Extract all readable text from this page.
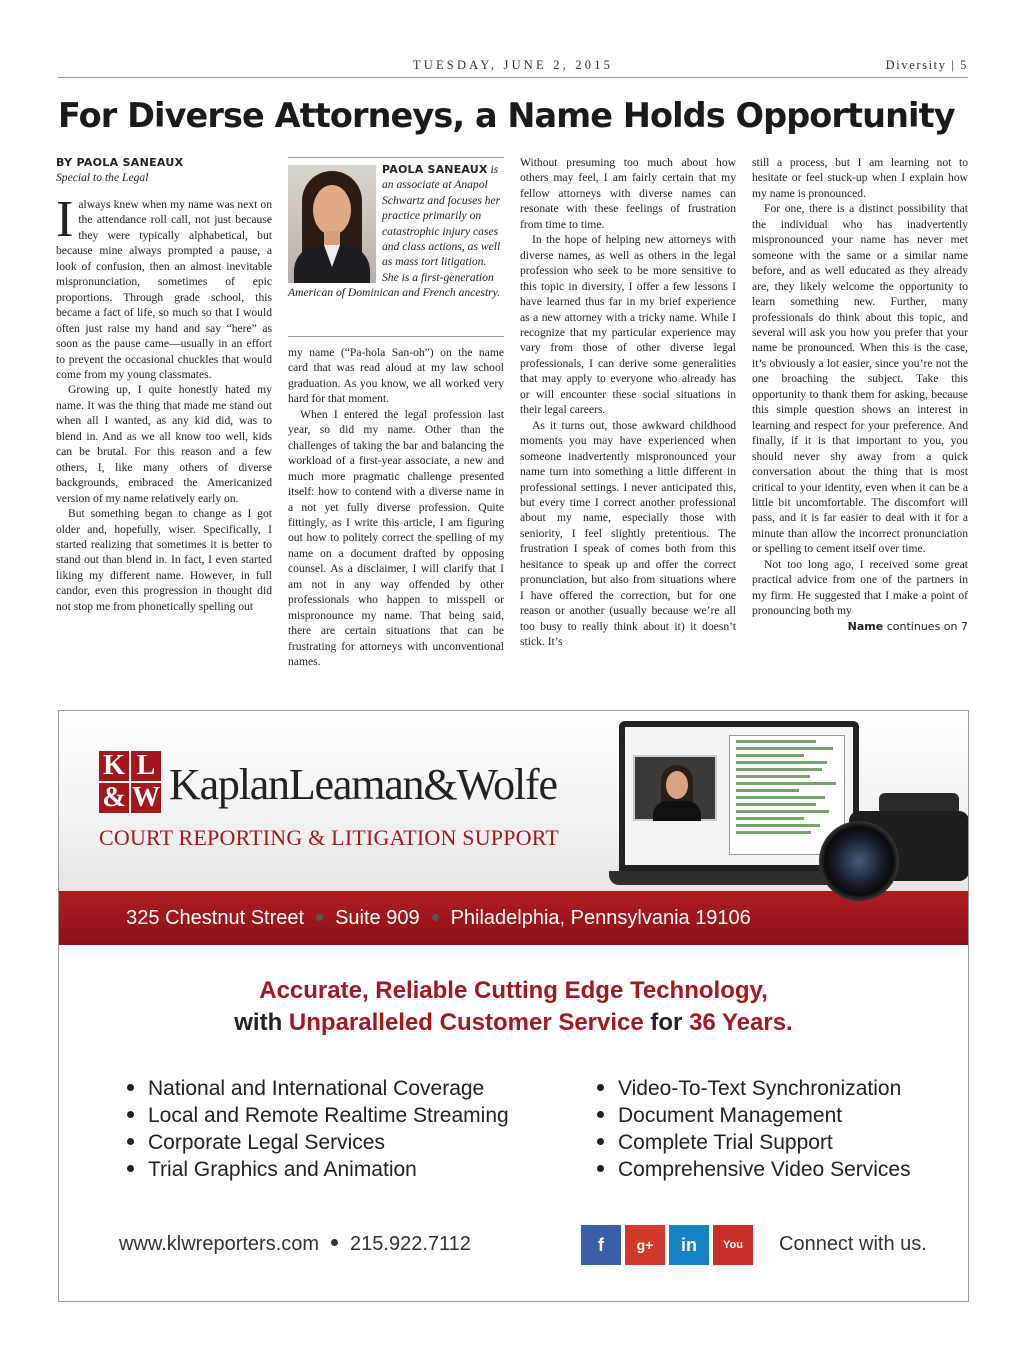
TUESDAY, JUNE 2, 2015	Diversity | 5
For Diverse Attorneys, a Name Holds Opportunity
BY PAOLA SANEAUX
Special to the Legal

Ialways knew when my name was next on the attendance roll call, not just because they were typically alphabetical, but because mine always prompted a pause, a look of confusion, then an almost inevitable mispronunciation, sometimes of epic proportions. Through grade school, this became a fact of life, so much so that I would often just raise my hand and say “here” as soon as the pause came—usually in an effort to prevent the occasional chuckles that would come from my young classmates.

Growing up, I quite honestly hated my name. It was the thing that made me stand out when all I wanted, as any kid did, was to blend in. And as we all know too well, kids can be brutal. For this reason and a few others, I, like many others of diverse backgrounds, embraced the Americanized version of my name relatively early on.

But something began to change as I got older and, hopefully, wiser. Specifically, I started realizing that sometimes it is better to stand out than blend in. In fact, I even started liking my different name. However, in full candor, even this progression in thought did not stop me from phonetically spelling out

PAOLA SANEAUX is an associate at Anapol Schwartz and focuses her practice primarily on catastrophic injury cases and class actions, as well as mass tort litigation. She is a first-generation American of Dominican and French ancestry.

my name (“Pa-hola San-oh”) on the name card that was read aloud at my law school graduation. As you know, we all worked very hard for that moment.

When I entered the legal profession last year, so did my name. Other than the challenges of taking the bar and balancing the workload of a first-year associate, a new and much more pragmatic challenge presented itself: how to contend with a diverse name in a not yet fully diverse profession. Quite fittingly, as I write this article, I am figuring out how to politely correct the spelling of my name on a document drafted by opposing counsel. As a disclaimer, I will clarify that I am not in any way offended by other professionals who happen to misspell or mispronounce my name. That being said, there are certain situations that can be frustrating for attorneys with unconventional names.

Without presuming too much about how others may feel, I am fairly certain that my fellow attorneys with diverse names can resonate with these feelings of frustration from time to time.

In the hope of helping new attorneys with diverse names, as well as others in the legal profession who seek to be more sensitive to this topic in diversity, I offer a few lessons I have learned thus far in my brief experience as a new attorney with a tricky name. While I recognize that my particular experience may vary from those of other diverse legal professionals, I can derive some generalities that may apply to everyone who already has or will encounter these social situations in their legal careers.

As it turns out, those awkward childhood moments you may have experienced when someone inadvertently mispronounced your name turn into something a little different in professional settings. I never anticipated this, but every time I correct another professional about my name, especially those with seniority, I feel slightly pretentious. The frustration I speak of comes both from this hesitance to speak up and offer the correct pronunciation, but also from situations where I have offered the correction, but for one reason or another (usually because we’re all too busy to really think about it) it doesn’t stick. It’s

still a process, but I am learning not to hesitate or feel stuck-up when I explain how my name is pronounced.

For one, there is a distinct possibility that the individual who has inadvertently mispronounced your name has never met someone with the same or a similar name before, and as well educated as they already are, they likely welcome the opportunity to learn something new. Further, many professionals do think about this topic, and several will ask you how you prefer that your name be pronounced. When this is the case, it’s obviously a lot easier, since you’re not the one broaching the subject. Take this opportunity to thank them for asking, because this simple question shows an interest in learning and respect for your preference. And finally, if it is that important to you, you should never shy away from a quick conversation about the thing that is most critical to your identity, even when it can be a little bit uncomfortable. The discomfort will pass, and it is far easier to deal with it for a minute than allow the incorrect pronunciation or spelling to cement itself over time.

Not too long ago, I received some great practical advice from one of the partners in my firm. He suggested that I make a point of pronouncing both my

Name continues on 7
K L
& W KaplanLeaman&Wolfe
COURT REPORTING & LITIGATION SUPPORT
325 Chestnut Street Suite 909 Philadelphia, Pennsylvania 19106
Accurate, Reliable Cutting Edge Technology,
with Unparalleled Customer Service for 36 Years.
National and International Coverage
Local and Remote Realtime Streaming
Corporate Legal Services
Trial Graphics and Animation
Video-To-Text Synchronization
Document Management
Complete Trial Support
Comprehensive Video Services
www.klwreporters.com 215.922.7112	f	g+	in	You Tube
Connect with us.
